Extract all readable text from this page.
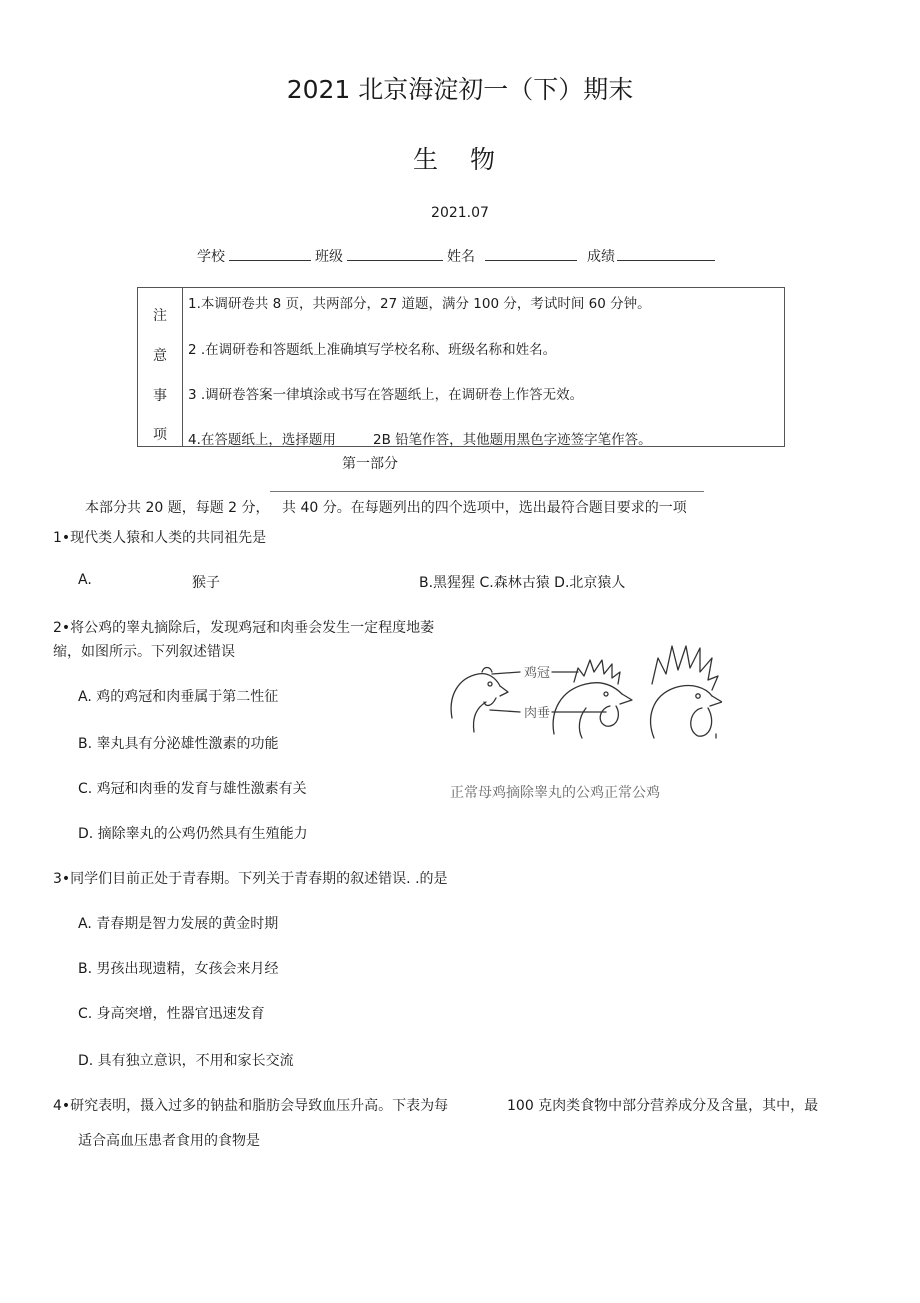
2021 北京海淀初一（下）期末
生 物
2021.07
学校	班级	姓名	成绩
注
意
事
项
1.本调研卷共 8 页，共两部分，27 道题，满分 100 分，考试时间 60 分钟。
2 .在调研卷和答题纸上准确填写学校名称、班级名称和姓名。
3 .调研卷答案一律填涂或书写在答题纸上，在调研卷上作答无效。
4.在答题纸上，选择题用	2B 铅笔作答，其他题用黑色字迹签字笔作答。
第一部分
本部分共 20 题，每题 2 分， 共 40 分。在每题列出的四个选项中，选出最符合题目要求的一项
1•现代类人猿和人类的共同祖先是
A.	猴子	B.黑猩猩 C.森林古猿 D.北京猿人
2•将公鸡的睾丸摘除后，发现鸡冠和肉垂会发生一定程度地萎
缩，如图所示。下列叙述错误
A. 鸡的鸡冠和肉垂属于第二性征
B. 睾丸具有分泌雄性激素的功能
C. 鸡冠和肉垂的发育与雄性激素有关
D. 摘除睾丸的公鸡仍然具有生殖能力
鸡冠
肉垂
正常母鸡摘除睾丸的公鸡正常公鸡
3•同学们目前正处于青春期。下列关于青春期的叙述错误. .的是
A. 青春期是智力发展的黄金时期
B. 男孩出现遗精，女孩会来月经
C. 身高突增，性器官迅速发育
D. 具有独立意识，不用和家长交流
4•研究表明，摄入过多的钠盐和脂肪会导致血压升高。下表为每	100 克肉类食物中部分营养成分及含量，其中，最
适合高血压患者食用的食物是
